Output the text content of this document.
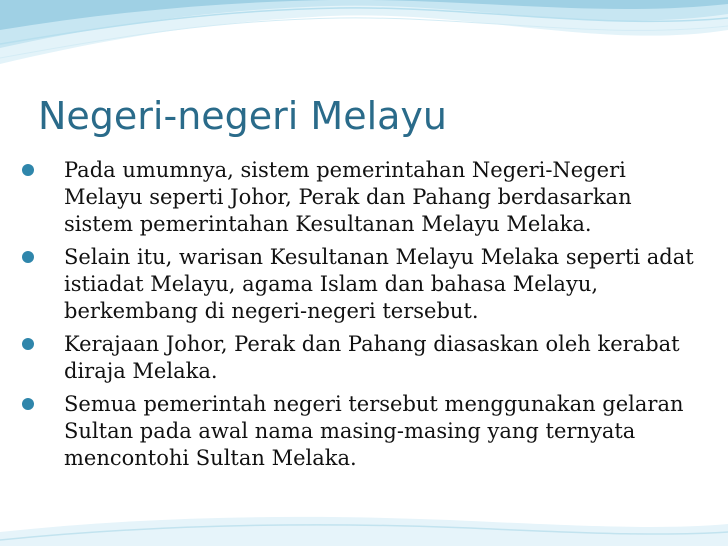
Negeri-negeri Melayu
Pada umumnya, sistem pemerintahan Negeri-Negeri Melayu seperti Johor, Perak dan Pahang berdasarkan sistem pemerintahan Kesultanan Melayu Melaka.
Selain itu, warisan Kesultanan Melayu Melaka seperti adat istiadat Melayu, agama Islam dan bahasa Melayu, berkembang di negeri-negeri tersebut.
Kerajaan Johor, Perak dan Pahang diasaskan oleh kerabat diraja Melaka.
Semua pemerintah negeri tersebut menggunakan gelaran Sultan pada awal nama masing-masing yang ternyata mencontohi Sultan Melaka.
